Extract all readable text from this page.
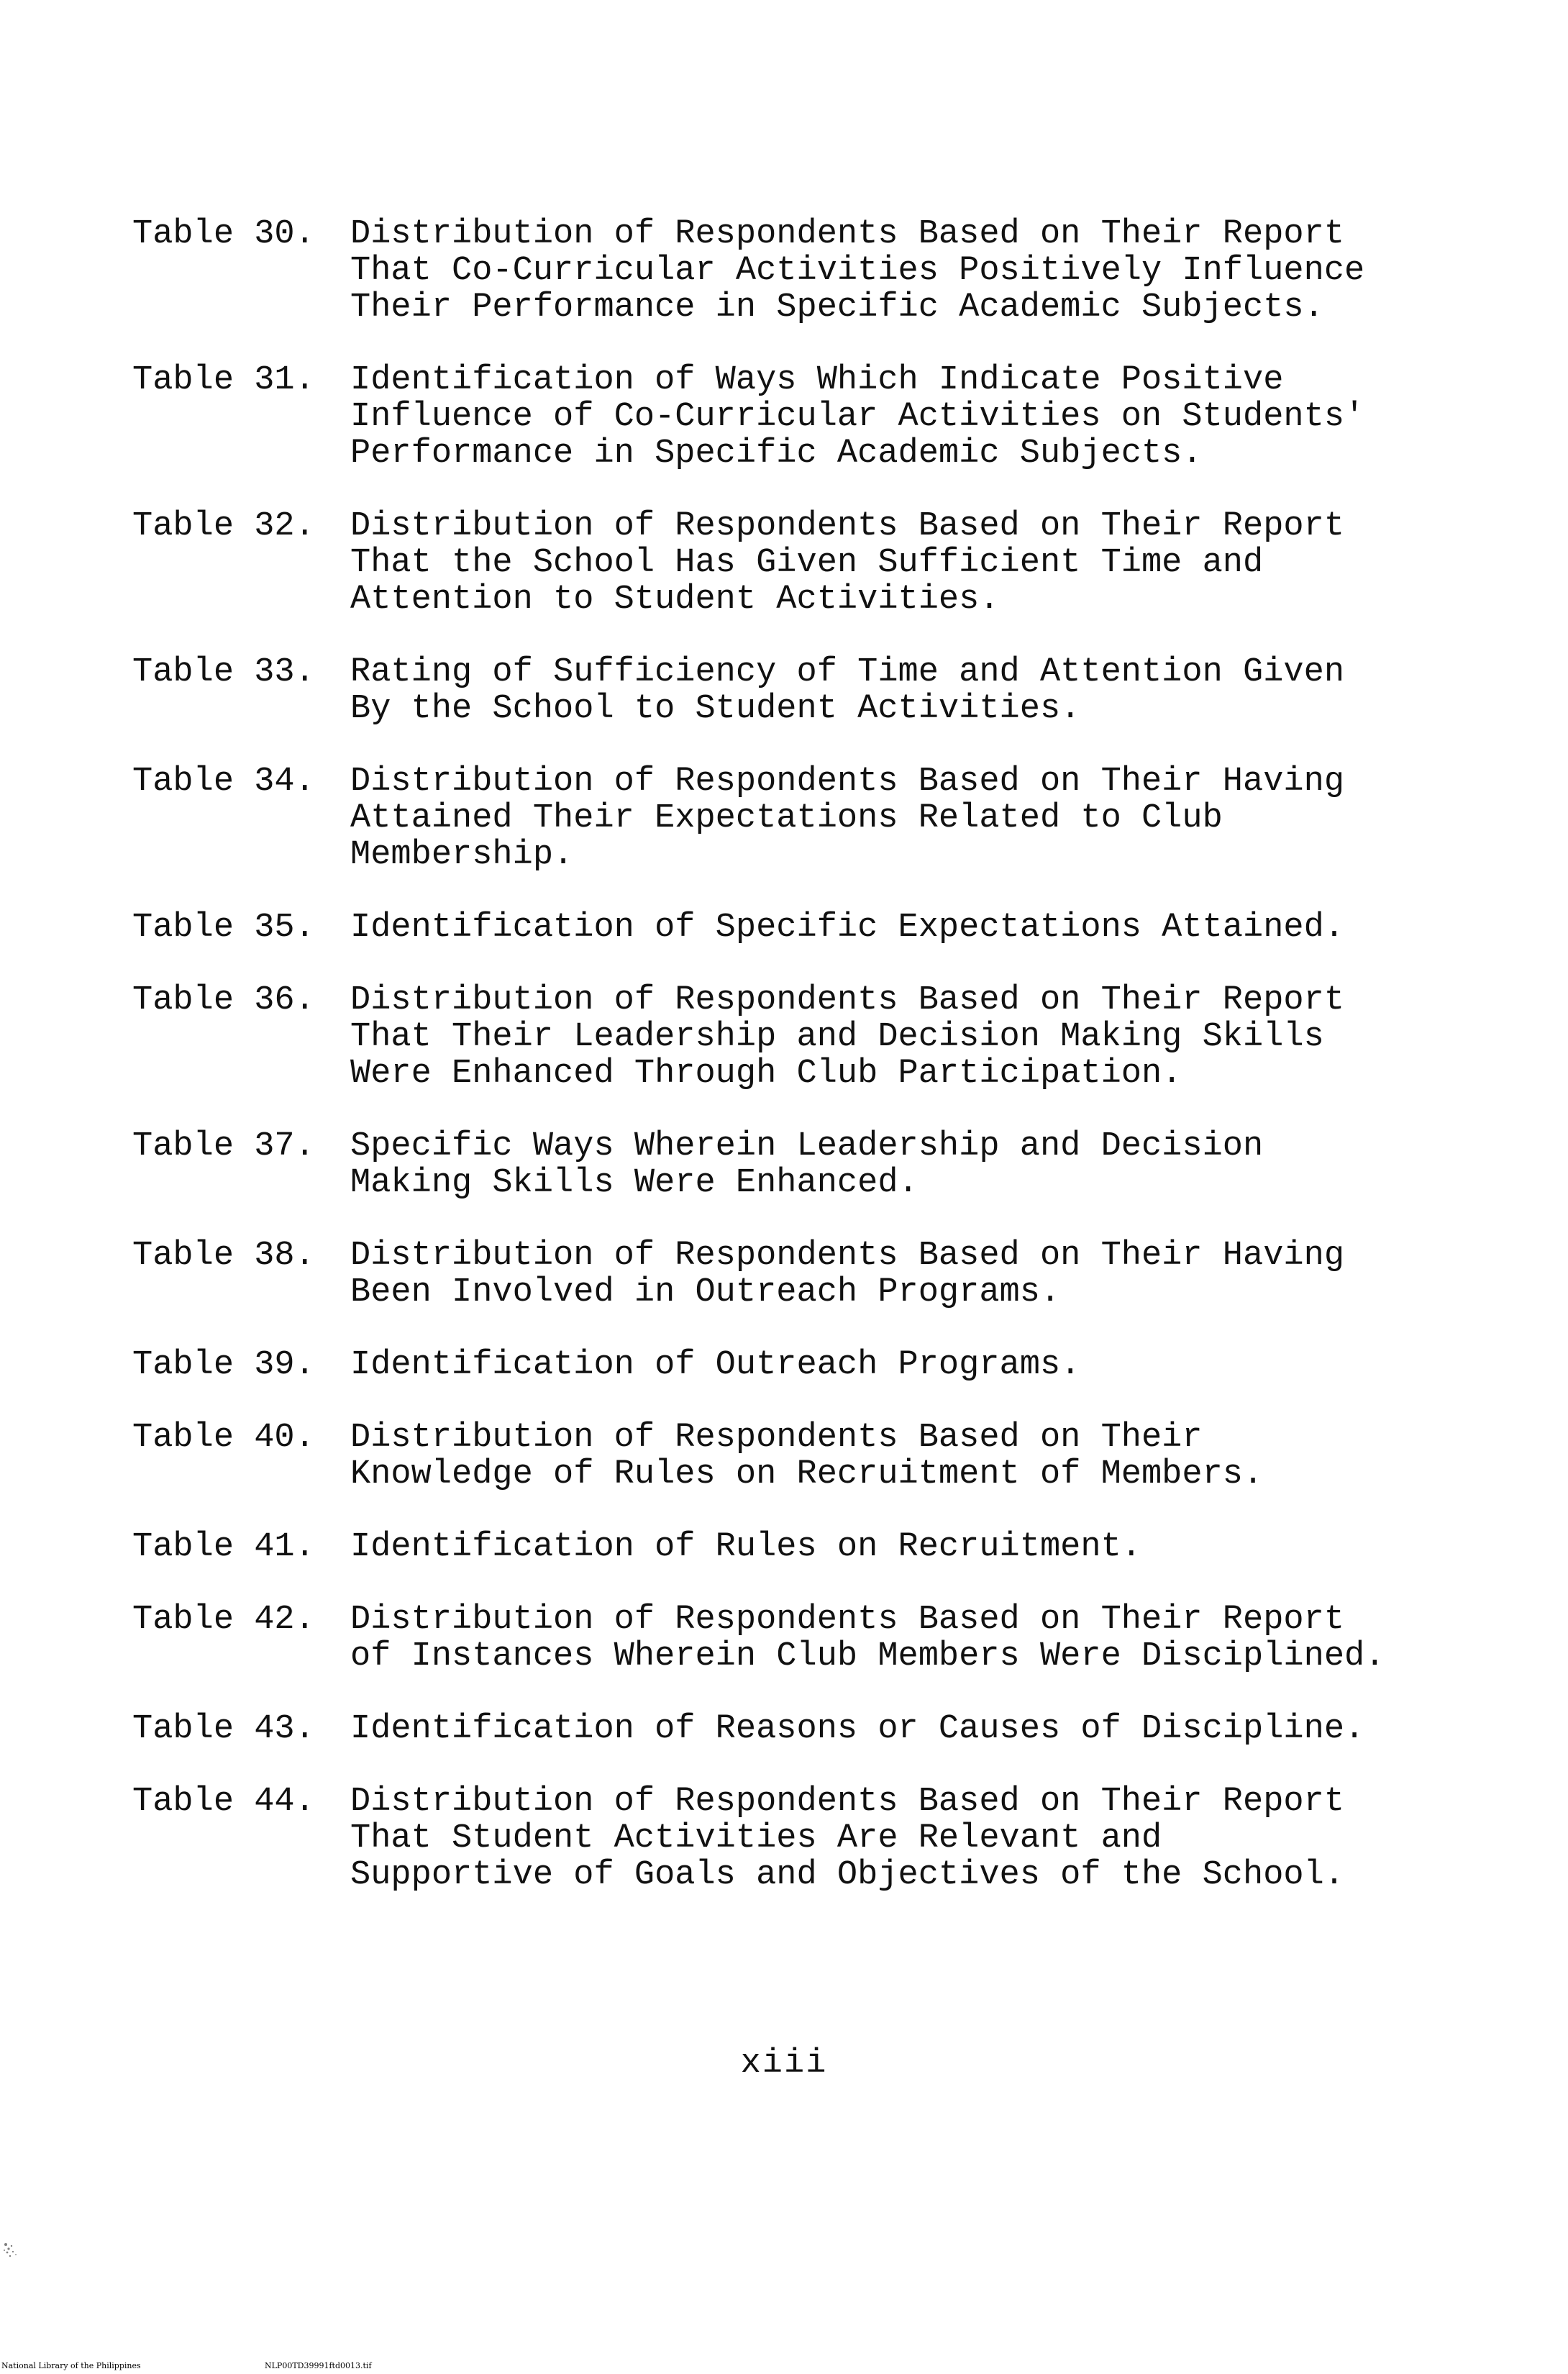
Table 30. Distribution of Respondents Based on Their Report
That Co-Curricular Activities Positively Influence
Their Performance in Specific Academic Subjects.
Table 31. Identification of Ways Which Indicate Positive
Influence of Co-Curricular Activities on Students'
Performance in Specific Academic Subjects.
Table 32. Distribution of Respondents Based on Their Report
That the School Has Given Sufficient Time and
Attention to Student Activities.
Table 33. Rating of Sufficiency of Time and Attention Given
By the School to Student Activities.
Table 34. Distribution of Respondents Based on Their Having
Attained Their Expectations Related to Club
Membership.
Table 35. Identification of Specific Expectations Attained.
Table 36. Distribution of Respondents Based on Their Report
That Their Leadership and Decision Making Skills
Were Enhanced Through Club Participation.
Table 37. Specific Ways Wherein Leadership and Decision
Making Skills Were Enhanced.
Table 38. Distribution of Respondents Based on Their Having
Been Involved in Outreach Programs.
Table 39. Identification of Outreach Programs.
Table 40. Distribution of Respondents Based on Their
Knowledge of Rules on Recruitment of Members.
Table 41. Identification of Rules on Recruitment.
Table 42. Distribution of Respondents Based on Their Report
of Instances Wherein Club Members Were Disciplined.
Table 43. Identification of Reasons or Causes of Discipline.
Table 44. Distribution of Respondents Based on Their Report
That Student Activities Are Relevant and
Supportive of Goals and Objectives of the School.
xiii
National Library of the Philippines	NLP00TD39991ftd0013.tif
